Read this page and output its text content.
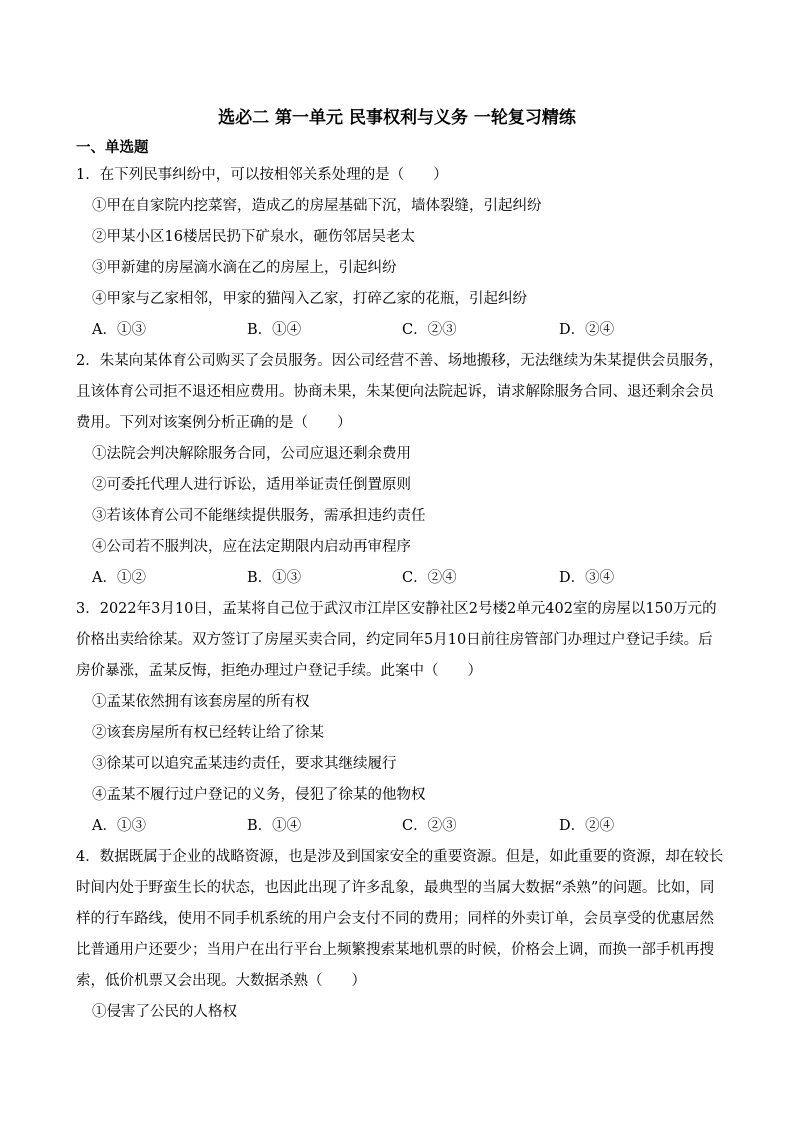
选必二 第一单元 民事权利与义务 一轮复习精练
一、单选题
1．在下列民事纠纷中，可以按相邻关系处理的是（　　）
①甲在自家院内挖菜窖，造成乙的房屋基础下沉，墙体裂缝，引起纠纷
②甲某小区16楼居民扔下矿泉水，砸伤邻居吴老太
③甲新建的房屋滴水滴在乙的房屋上，引起纠纷
④甲家与乙家相邻，甲家的猫闯入乙家，打碎乙家的花瓶，引起纠纷
A．①③	B．①④	C．②③	D．②④
2．朱某向某体育公司购买了会员服务。因公司经营不善、场地搬移，无法继续为朱某提供会员服务，且该体育公司拒不退还相应费用。协商未果，朱某便向法院起诉，请求解除服务合同、退还剩余会员费用。下列对该案例分析正确的是（　　）
①法院会判决解除服务合同，公司应退还剩余费用
②可委托代理人进行诉讼，适用举证责任倒置原则
③若该体育公司不能继续提供服务，需承担违约责任
④公司若不服判决，应在法定期限内启动再审程序
A．①②	B．①③	C．②④	D．③④
3．2022年3月10日，孟某将自己位于武汉市江岸区安静社区2号楼2单元402室的房屋以150万元的价格出卖给徐某。双方签订了房屋买卖合同，约定同年5月10日前往房管部门办理过户登记手续。后房价暴涨，孟某反悔，拒绝办理过户登记手续。此案中（　　）
①孟某依然拥有该套房屋的所有权
②该套房屋所有权已经转让给了徐某
③徐某可以追究孟某违约责任，要求其继续履行
④孟某不履行过户登记的义务，侵犯了徐某的他物权
A．①③	B．①④	C．②③	D．②④
4．数据既属于企业的战略资源，也是涉及到国家安全的重要资源。但是，如此重要的资源，却在较长时间内处于野蛮生长的状态，也因此出现了许多乱象，最典型的当属大数据“杀熟”的问题。比如，同样的行车路线，使用不同手机系统的用户会支付不同的费用；同样的外卖订单，会员享受的优惠居然比普通用户还要少；当用户在出行平台上频繁搜索某地机票的时候，价格会上调，而换一部手机再搜索，低价机票又会出现。大数据杀熟（　　）
①侵害了公民的人格权
